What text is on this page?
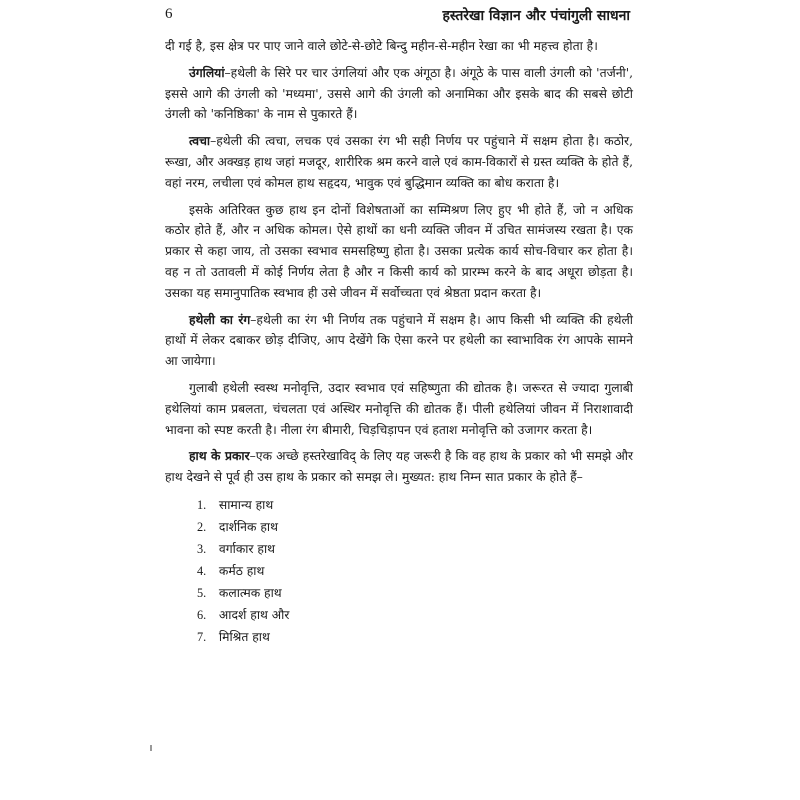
6	हस्तरेखा विज्ञान और पंचांगुली साधना

दी गई है, इस क्षेत्र पर पाए जाने वाले छोटे-से-छोटे बिन्दु महीन-से-महीन रेखा का भी महत्त्व होता है।

उंगलियां–हथेली के सिरे पर चार उंगलियां और एक अंगूठा है। अंगूठे के पास वाली उंगली को 'तर्जनी', इससे आगे की उंगली को 'मध्यमा', उससे आगे की उंगली को अनामिका और इसके बाद की सबसे छोटी उंगली को 'कनिष्ठिका' के नाम से पुकारते हैं।

त्वचा–हथेली की त्वचा, लचक एवं उसका रंग भी सही निर्णय पर पहुंचाने में सक्षम होता है। कठोर, रूखा, और अक्खड़ हाथ जहां मजदूर, शारीरिक श्रम करने वाले एवं काम-विकारों से ग्रस्त व्यक्ति के होते हैं, वहां नरम, लचीला एवं कोमल हाथ सहृदय, भावुक एवं बुद्धिमान व्यक्ति का बोध कराता है।

इसके अतिरिक्त कुछ हाथ इन दोनों विशेषताओं का सम्मिश्रण लिए हुए भी होते हैं, जो न अधिक कठोर होते हैं, और न अधिक कोमल। ऐसे हाथों का धनी व्यक्ति जीवन में उचित सामंजस्य रखता है। एक प्रकार से कहा जाय, तो उसका स्वभाव समसहिष्णु होता है। उसका प्रत्येक कार्य सोच-विचार कर होता है। वह न तो उतावली में कोई निर्णय लेता है और न किसी कार्य को प्रारम्भ करने के बाद अधूरा छोड़ता है। उसका यह समानुपातिक स्वभाव ही उसे जीवन में सर्वोच्चता एवं श्रेष्ठता प्रदान करता है।

हथेली का रंग–हथेली का रंग भी निर्णय तक पहुंचाने में सक्षम है। आप किसी भी व्यक्ति की हथेली हाथों में लेकर दबाकर छोड़ दीजिए, आप देखेंगे कि ऐसा करने पर हथेली का स्वाभाविक रंग आपके सामने आ जायेगा।

गुलाबी हथेली स्वस्थ मनोवृत्ति, उदार स्वभाव एवं सहिष्णुता की द्योतक है। जरूरत से ज्यादा गुलाबी हथेलियां काम प्रबलता, चंचलता एवं अस्थिर मनोवृत्ति की द्योतक हैं। पीली हथेलियां जीवन में निराशावादी भावना को स्पष्ट करती है। नीला रंग बीमारी, चिड़चिड़ापन एवं हताश मनोवृत्ति को उजागर करता है।

हाथ के प्रकार–एक अच्छे हस्तरेखाविद् के लिए यह जरूरी है कि वह हाथ के प्रकार को भी समझे और हाथ देखने से पूर्व ही उस हाथ के प्रकार को समझ ले। मुख्यत: हाथ निम्न सात प्रकार के होते हैं–

1. सामान्य हाथ
2. दार्शनिक हाथ
3. वर्गाकार हाथ
4. कर्मठ हाथ
5. कलात्मक हाथ
6. आदर्श हाथ और
7. मिश्रित हाथ
